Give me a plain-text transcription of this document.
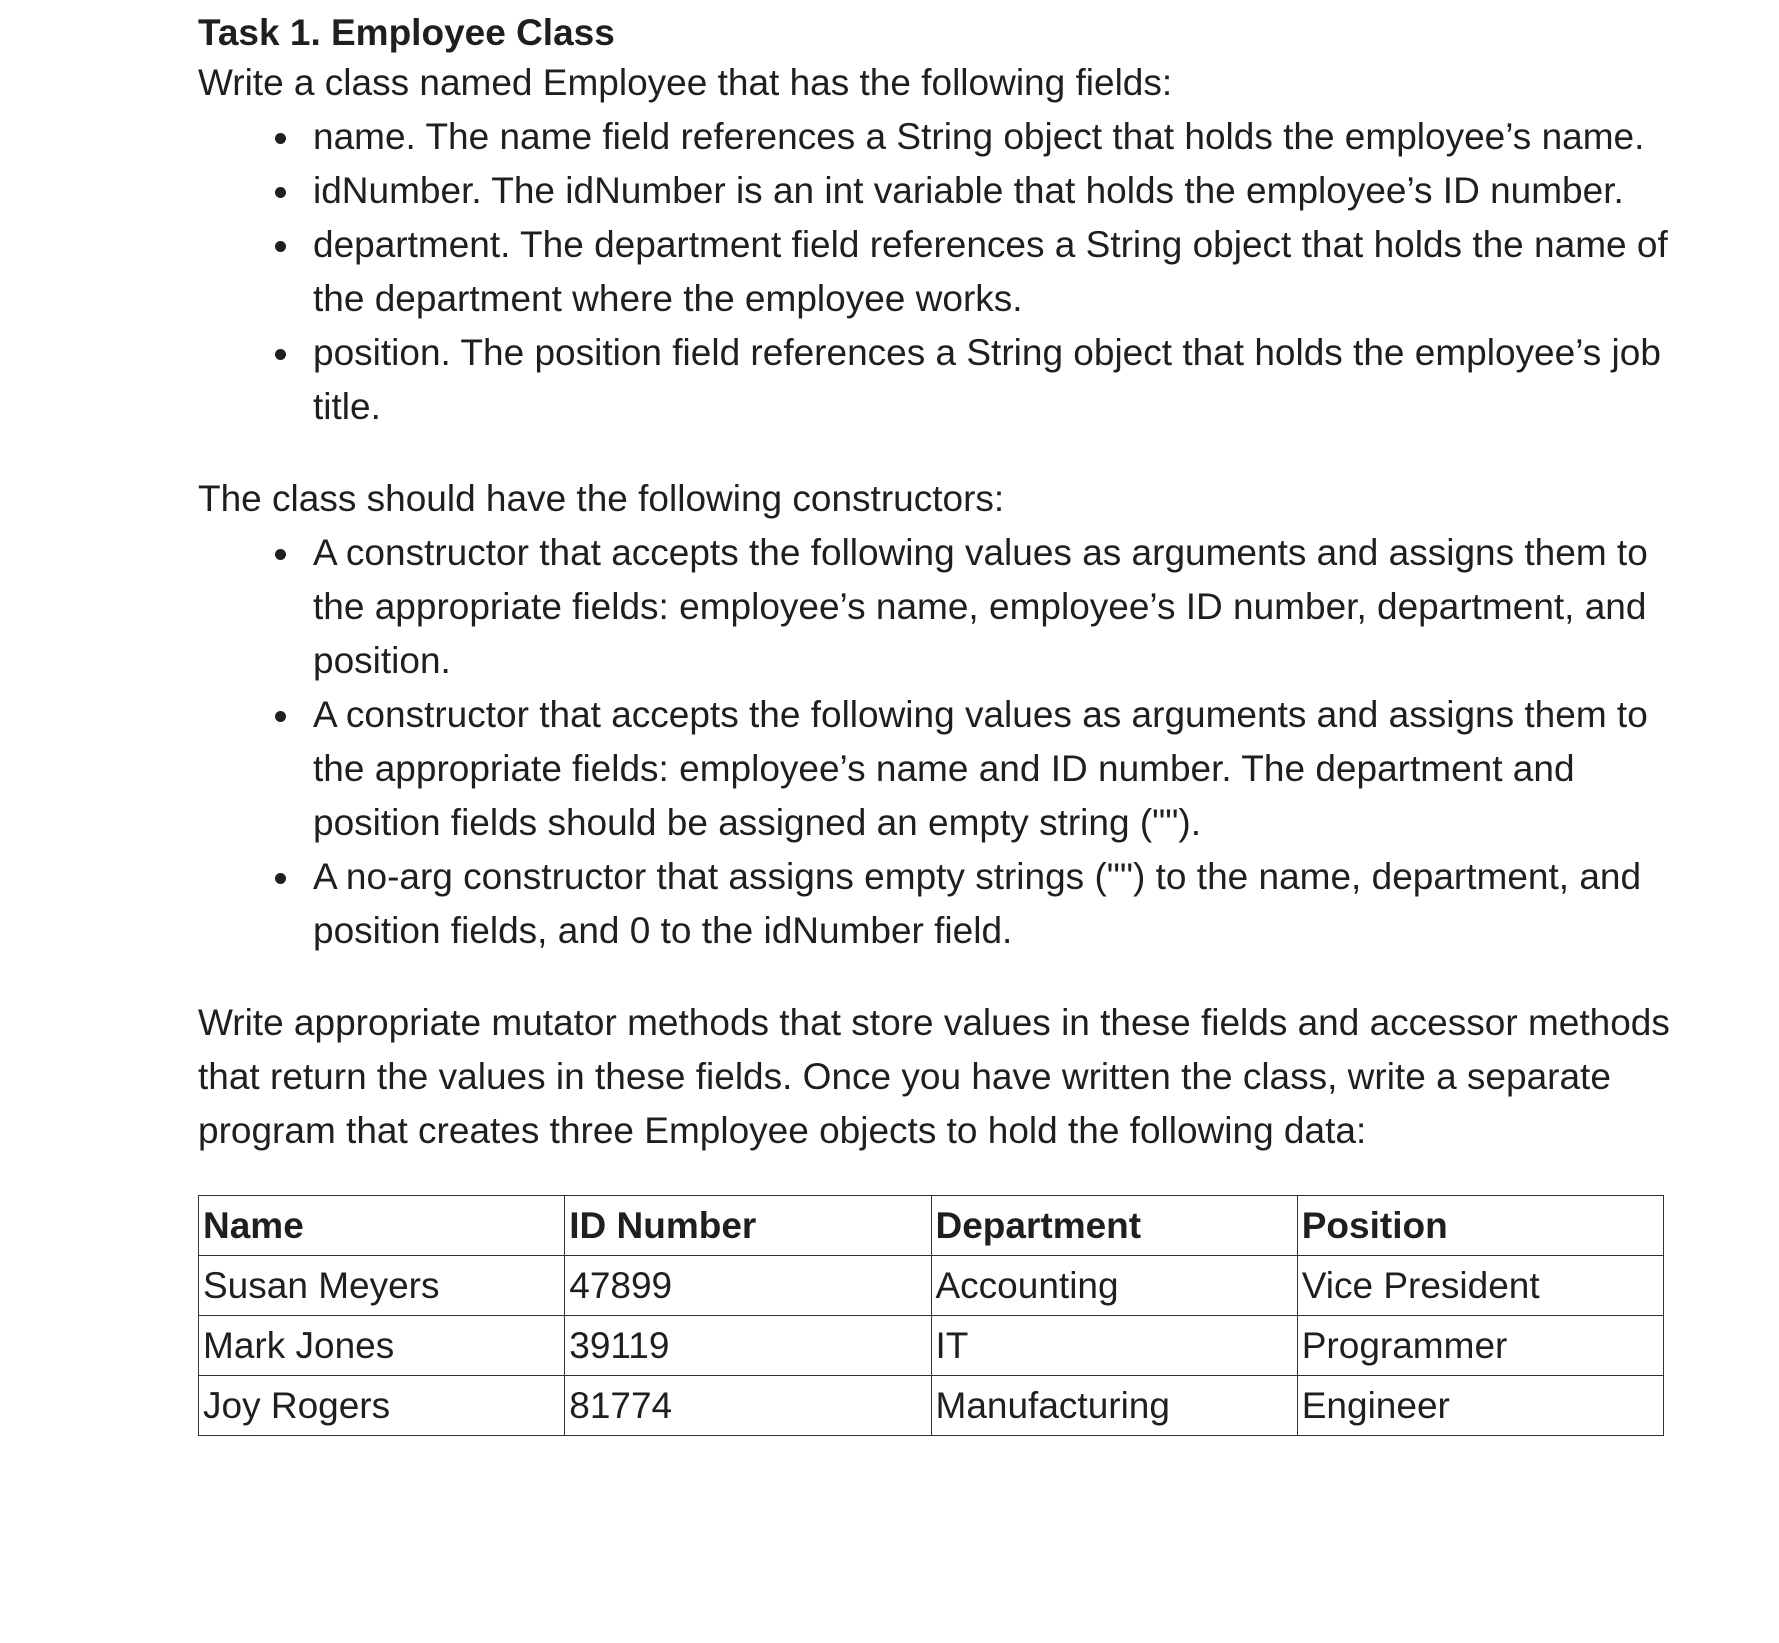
Task 1. Employee Class

Write a class named Employee that has the following fields:

name. The name field references a String object that holds the employee’s name.
idNumber. The idNumber is an int variable that holds the employee’s ID number.
department. The department field references a String object that holds the name of the department where the employee works.
position. The position field references a String object that holds the employee’s job title.

The class should have the following constructors:

A constructor that accepts the following values as arguments and assigns them to the appropriate fields: employee’s name, employee’s ID number, department, and position.
A constructor that accepts the following values as arguments and assigns them to the appropriate fields: employee’s name and ID number. The department and position fields should be assigned an empty string ("").
A no-arg constructor that assigns empty strings ("") to the name, department, and position fields, and 0 to the idNumber field.

Write appropriate mutator methods that store values in these fields and accessor methods that return the values in these fields. Once you have written the class, write a separate program that creates three Employee objects to hold the following data:

Name	ID Number	Department	Position
Susan Meyers	47899	Accounting	Vice President
Mark Jones	39119	IT	Programmer
Joy Rogers	81774	Manufacturing	Engineer
